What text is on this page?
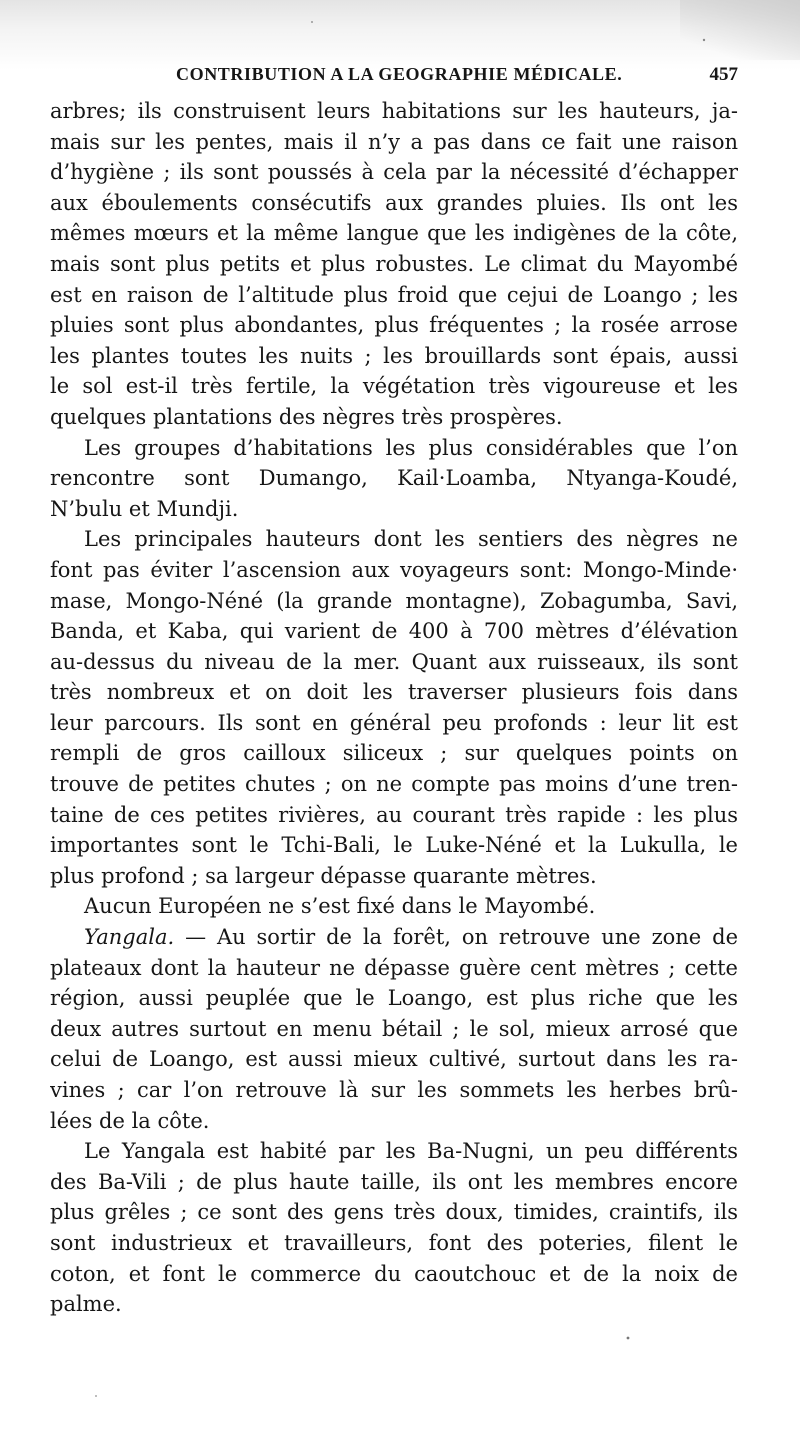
CONTRIBUTION A LA GEOGRAPHIE MÉDICALE.	457
arbres; ils construisent leurs habitations sur les hauteurs, ja-
mais sur les pentes, mais il n’y a pas dans ce fait une raison
d’hygiène ; ils sont poussés à cela par la nécessité d’échapper
aux éboulements consécutifs aux grandes pluies. Ils ont les
mêmes mœurs et la même langue que les indigènes de la côte,
mais sont plus petits et plus robustes. Le climat du Mayombé
est en raison de l’altitude plus froid que cejui de Loango ; les
pluies sont plus abondantes, plus fréquentes ; la rosée arrose
les plantes toutes les nuits ; les brouillards sont épais, aussi
le sol est-il très fertile, la végétation très vigoureuse et les
quelques plantations des nègres très prospères.
Les groupes d’habitations les plus considérables que l’on
rencontre sont Dumango, Kail·Loamba, Ntyanga-Koudé,
N’bulu et Mundji.
Les principales hauteurs dont les sentiers des nègres ne
font pas éviter l’ascension aux voyageurs sont: Mongo-Minde·
mase, Mongo-Néné (la grande montagne), Zobagumba, Savi,
Banda, et Kaba, qui varient de 400 à 700 mètres d’élévation
au-dessus du niveau de la mer. Quant aux ruisseaux, ils sont
très nombreux et on doit les traverser plusieurs fois dans
leur parcours. Ils sont en général peu profonds : leur lit est
rempli de gros cailloux siliceux ; sur quelques points on
trouve de petites chutes ; on ne compte pas moins d’une tren-
taine de ces petites rivières, au courant très rapide : les plus
importantes sont le Tchi-Bali, le Luke-Néné et la Lukulla, le
plus profond ; sa largeur dépasse quarante mètres.
Aucun Européen ne s’est fixé dans le Mayombé.
Yangala. — Au sortir de la forêt, on retrouve une zone de
plateaux dont la hauteur ne dépasse guère cent mètres ; cette
région, aussi peuplée que le Loango, est plus riche que les
deux autres surtout en menu bétail ; le sol, mieux arrosé que
celui de Loango, est aussi mieux cultivé, surtout dans les ra-
vines ; car l’on retrouve là sur les sommets les herbes brû-
lées de la côte.
Le Yangala est habité par les Ba-Nugni, un peu différents
des Ba-Vili ; de plus haute taille, ils ont les membres encore
plus grêles ; ce sont des gens très doux, timides, craintifs, ils
sont industrieux et travailleurs, font des poteries, filent le
coton, et font le commerce du caoutchouc et de la noix de
palme.
